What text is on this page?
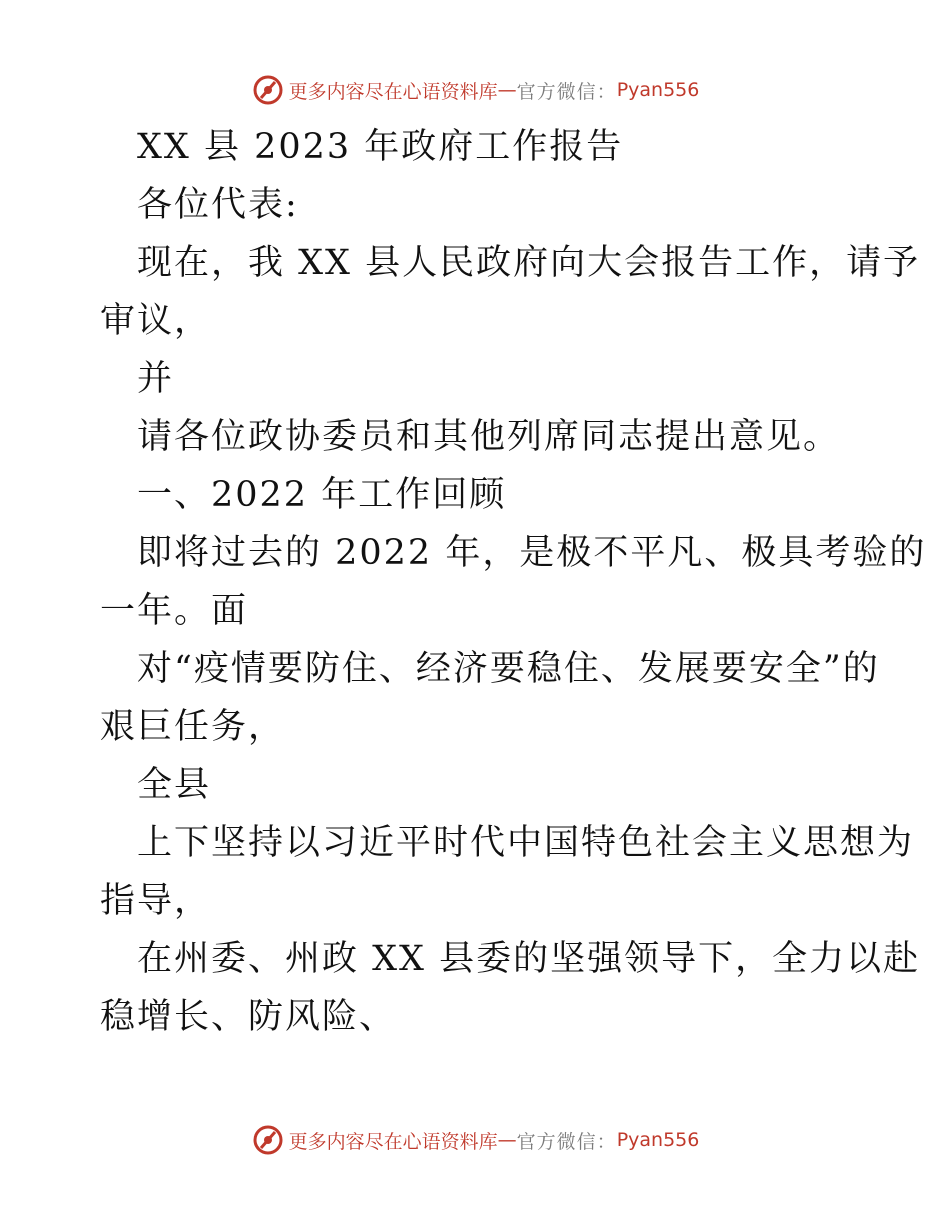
更多内容尽在心语资料库 — 官方微信： Pyan556
XX 县 2023 年政府工作报告
各位代表:
现在，我 XX 县人民政府向大会报告工作，请予
审议，
并
请各位政协委员和其他列席同志提出意见。
一、2022 年工作回顾
即将过去的 2022 年，是极不平凡、极具考验的
一年。面
对“疫情要防住、经济要稳住、发展要安全”的
艰巨任务，
全县
上下坚持以习近平时代中国特色社会主义思想为
指导，
在州委、州政 XX 县委的坚强领导下，全力以赴
稳增长、防风险、
更多内容尽在心语资料库 — 官方微信： Pyan556
